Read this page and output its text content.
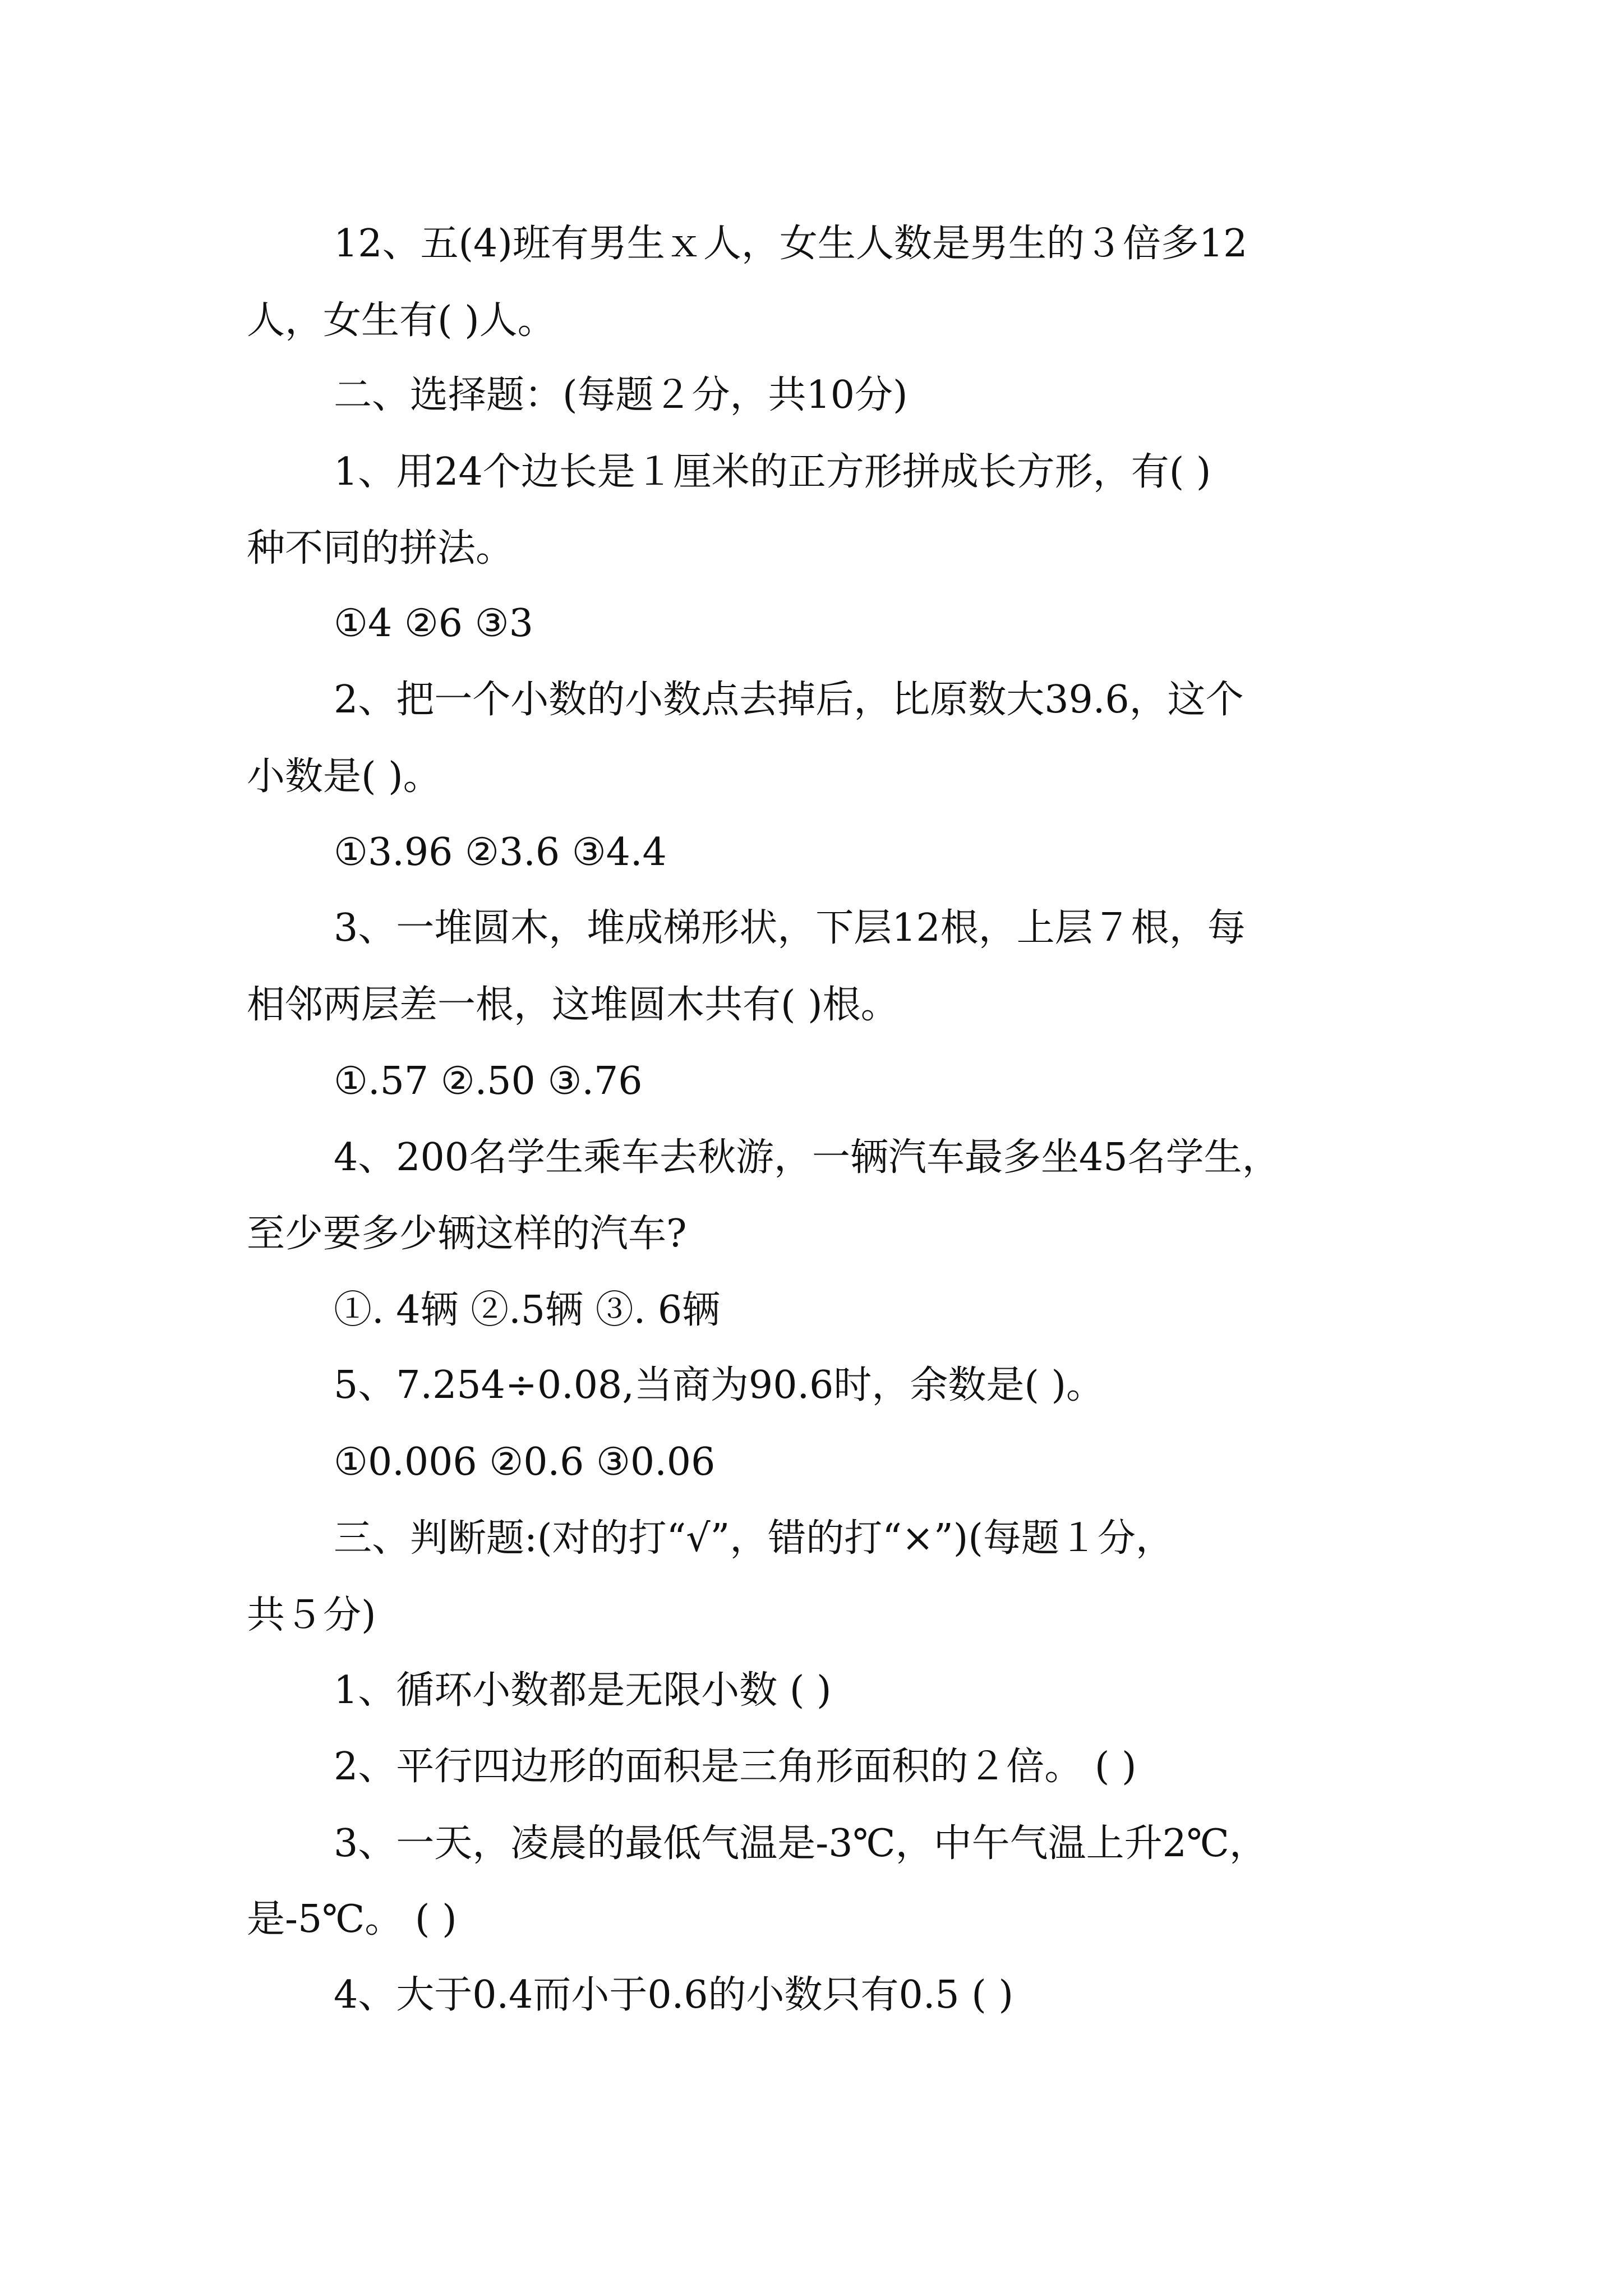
12、五(4)班有男生ｘ人，女生人数是男生的３倍多12
人，女生有( )人。
二、选择题：(每题２分，共10分)
1、用24个边长是１厘米的正方形拼成长方形，有( )
种不同的拼法。
①4 ②6 ③3
2、把一个小数的小数点去掉后，比原数大39.6，这个
小数是( )。
①3.96 ②3.6 ③4.4
3、一堆圆木，堆成梯形状，下层12根，上层７根，每
相邻两层差一根，这堆圆木共有( )根。
①.57 ②.50 ③.76
4、200名学生乘车去秋游，一辆汽车最多坐45名学生，
至少要多少辆这样的汽车?
①. 4辆 ②.5辆 ③. 6辆
5、7.254÷0.08,当商为90.6时，余数是( )。
①0.006 ②0.6 ③0.06
三、判断题:(对的打“√”，错的打“×”)(每题１分，
共５分)
1、循环小数都是无限小数 ( )
2、平行四边形的面积是三角形面积的２倍。 ( )
3、一天，凌晨的最低气温是-3℃，中午气温上升2℃，
是-5℃。 ( )
4、大于0.4而小于0.6的小数只有0.5 ( )
